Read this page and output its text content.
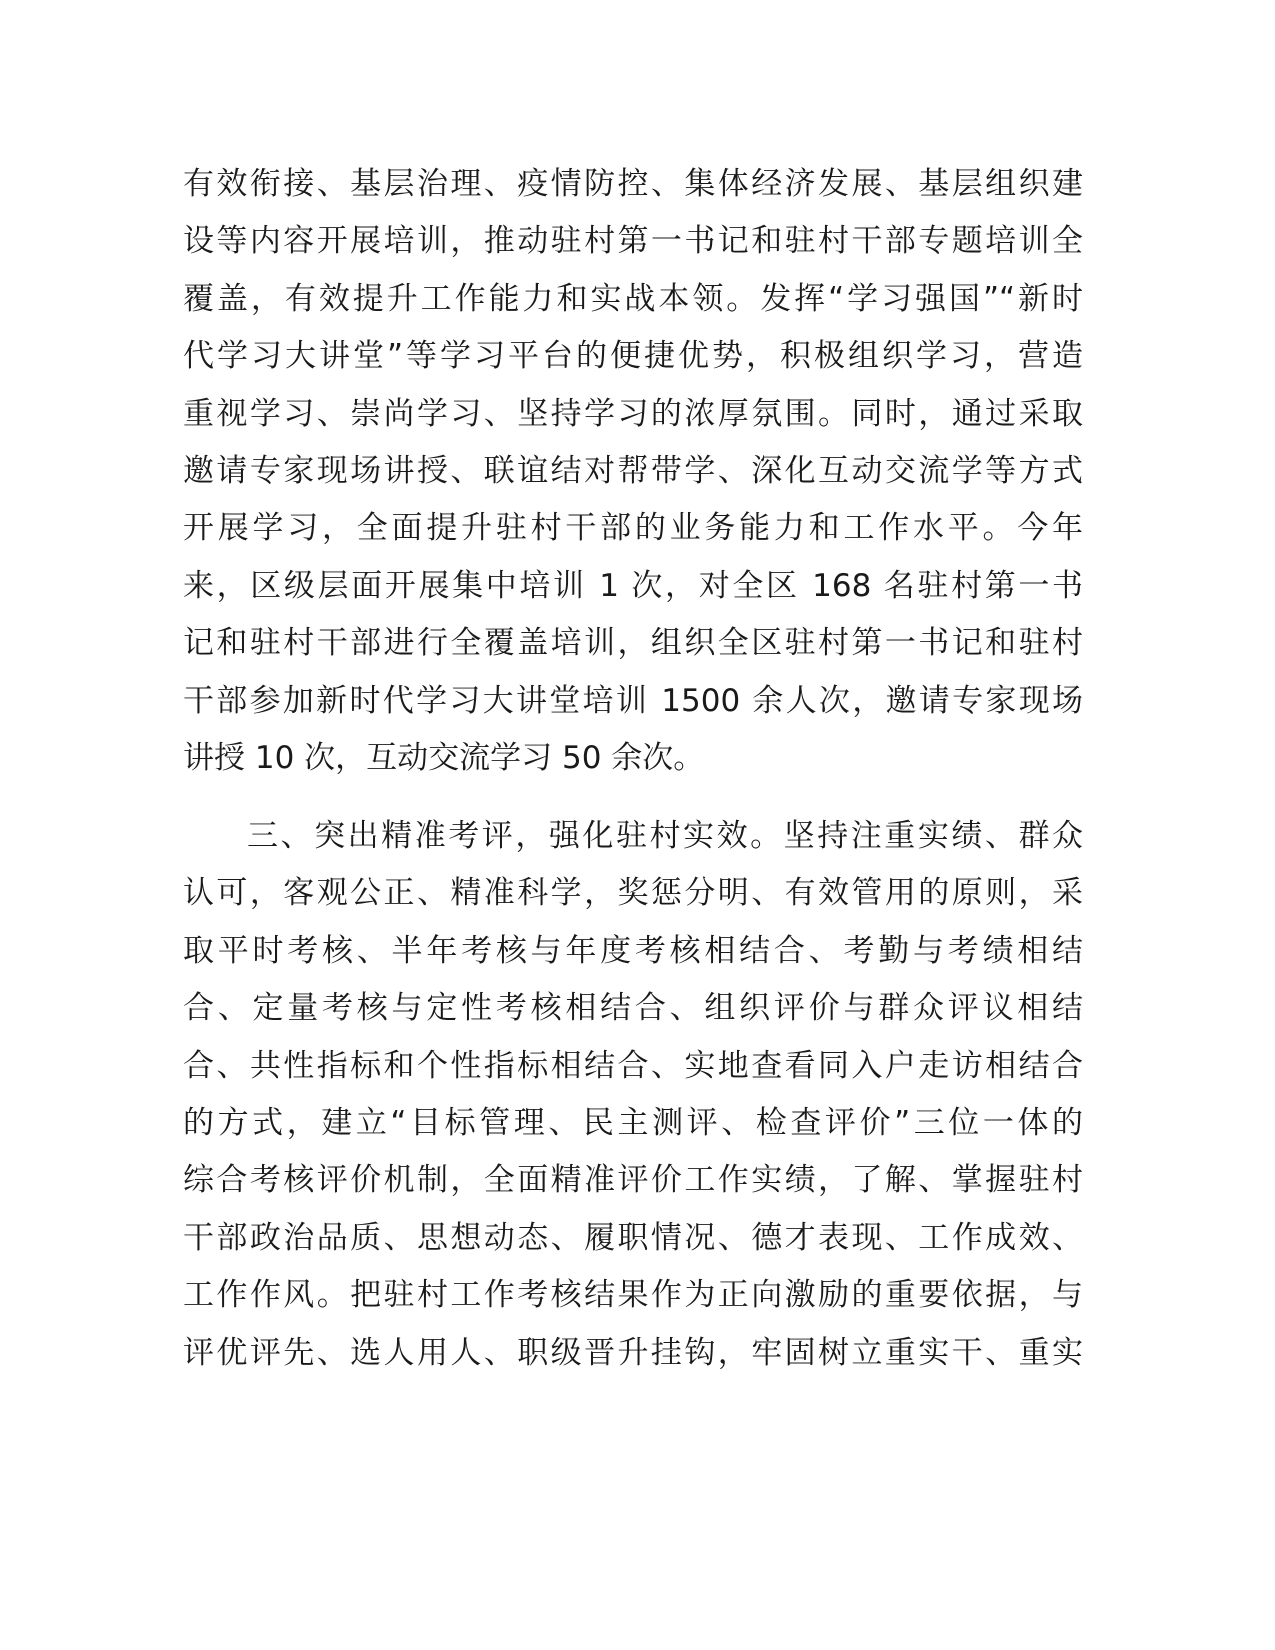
有效衔接、基层治理、疫情防控、集体经济发展、基层组织建
设等内容开展培训，推动驻村第一书记和驻村干部专题培训全
覆盖，有效提升工作能力和实战本领。发挥“学习强国”“新时
代学习大讲堂”等学习平台的便捷优势，积极组织学习，营造
重视学习、崇尚学习、坚持学习的浓厚氛围。同时，通过采取
邀请专家现场讲授、联谊结对帮带学、深化互动交流学等方式
开展学习，全面提升驻村干部的业务能力和工作水平。今年
来，区级层面开展集中培训 1 次，对全区 168 名驻村第一书
记和驻村干部进行全覆盖培训，组织全区驻村第一书记和驻村
干部参加新时代学习大讲堂培训 1500 余人次，邀请专家现场
讲授 10 次，互动交流学习 50 余次。
三、突出精准考评，强化驻村实效。坚持注重实绩、群众
认可，客观公正、精准科学，奖惩分明、有效管用的原则，采
取平时考核、半年考核与年度考核相结合、考勤与考绩相结
合、定量考核与定性考核相结合、组织评价与群众评议相结
合、共性指标和个性指标相结合、实地查看同入户走访相结合
的方式，建立“目标管理、民主测评、检查评价”三位一体的
综合考核评价机制，全面精准评价工作实绩，了解、掌握驻村
干部政治品质、思想动态、履职情况、德才表现、工作成效、
工作作风。把驻村工作考核结果作为正向激励的重要依据，与
评优评先、选人用人、职级晋升挂钩，牢固树立重实干、重实
